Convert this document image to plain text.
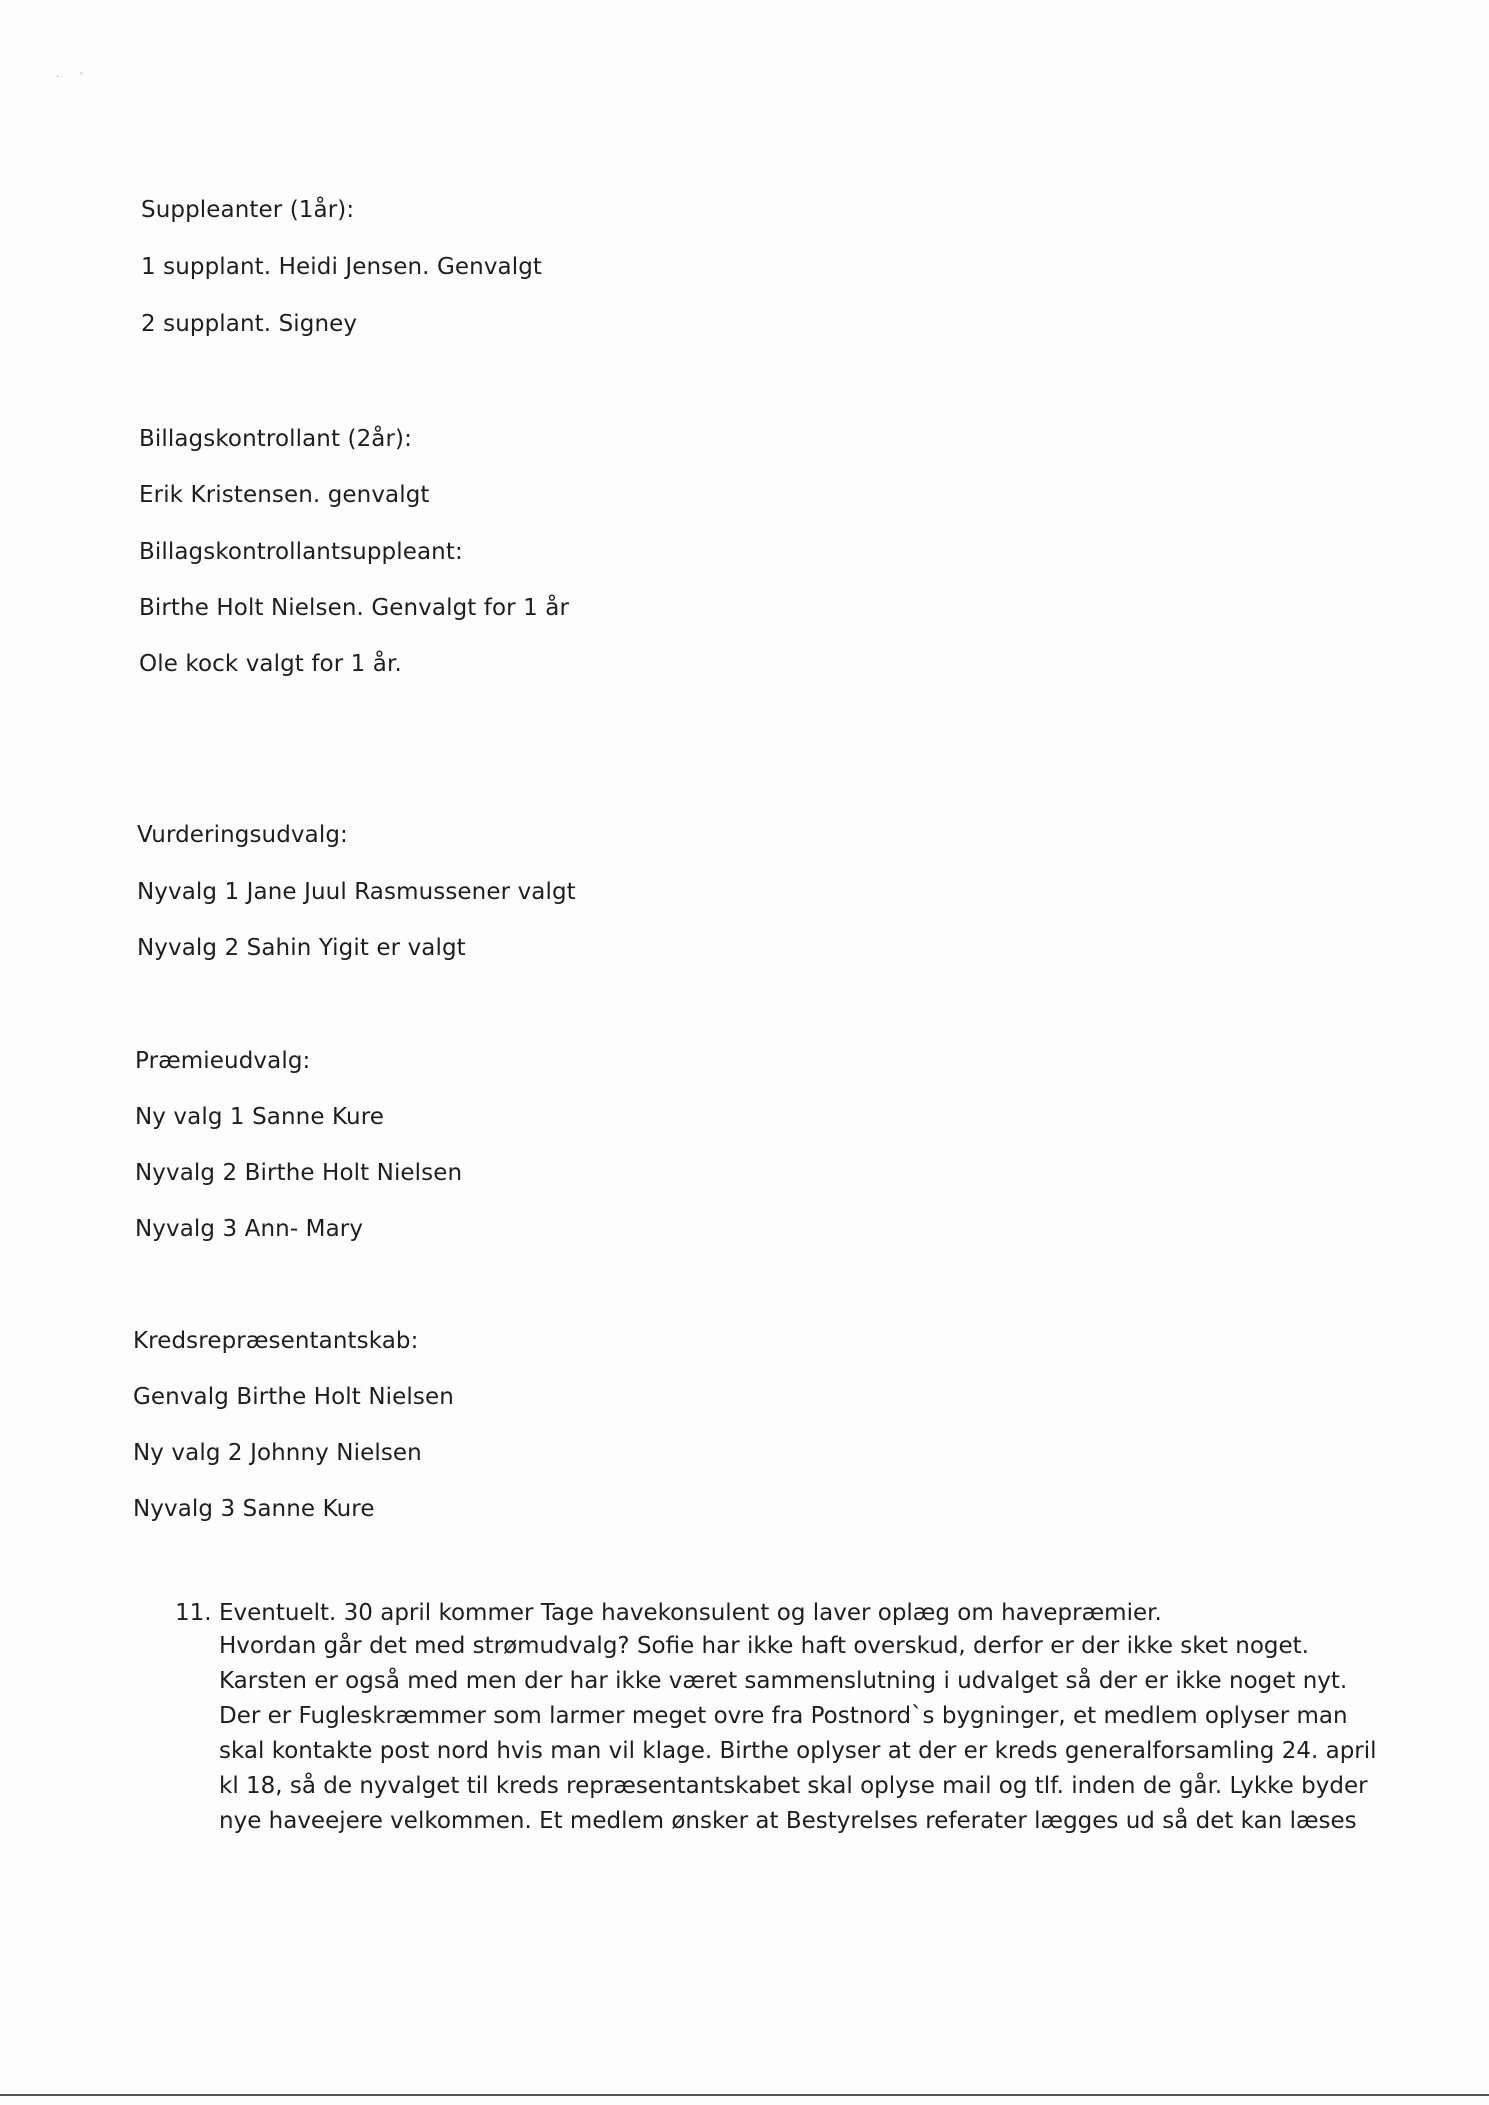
·      ´
Suppleanter (1år):
1 supplant. Heidi Jensen. Genvalgt
2 supplant. Signey
Billagskontrollant (2år):
Erik Kristensen. genvalgt
Billagskontrollantsuppleant:
Birthe Holt Nielsen. Genvalgt for 1 år
Ole kock valgt for 1 år.
Vurderingsudvalg:
Nyvalg 1 Jane Juul Rasmussener valgt
Nyvalg 2 Sahin Yigit er valgt
Præmieudvalg:
Ny valg 1 Sanne Kure
Nyvalg 2 Birthe Holt Nielsen
Nyvalg 3 Ann- Mary
Kredsrepræsentantskab:
Genvalg Birthe Holt Nielsen
Ny valg 2 Johnny Nielsen
Nyvalg 3 Sanne Kure
11. Eventuelt. 30 april kommer Tage havekonsulent og laver oplæg om havepræmier.
Hvordan går det med strømudvalg? Sofie har ikke haft overskud, derfor er der ikke sket noget.
Karsten er også med men der har ikke været sammenslutning i udvalget så der er ikke noget nyt.
Der er Fugleskræmmer som larmer meget ovre fra Postnord`s bygninger, et medlem oplyser man
skal kontakte post nord hvis man vil klage. Birthe oplyser at der er kreds generalforsamling 24. april
kl 18, så de nyvalget til kreds repræsentantskabet skal oplyse mail og tlf. inden de går. Lykke byder
nye haveejere velkommen. Et medlem ønsker at Bestyrelses referater lægges ud så det kan læses
